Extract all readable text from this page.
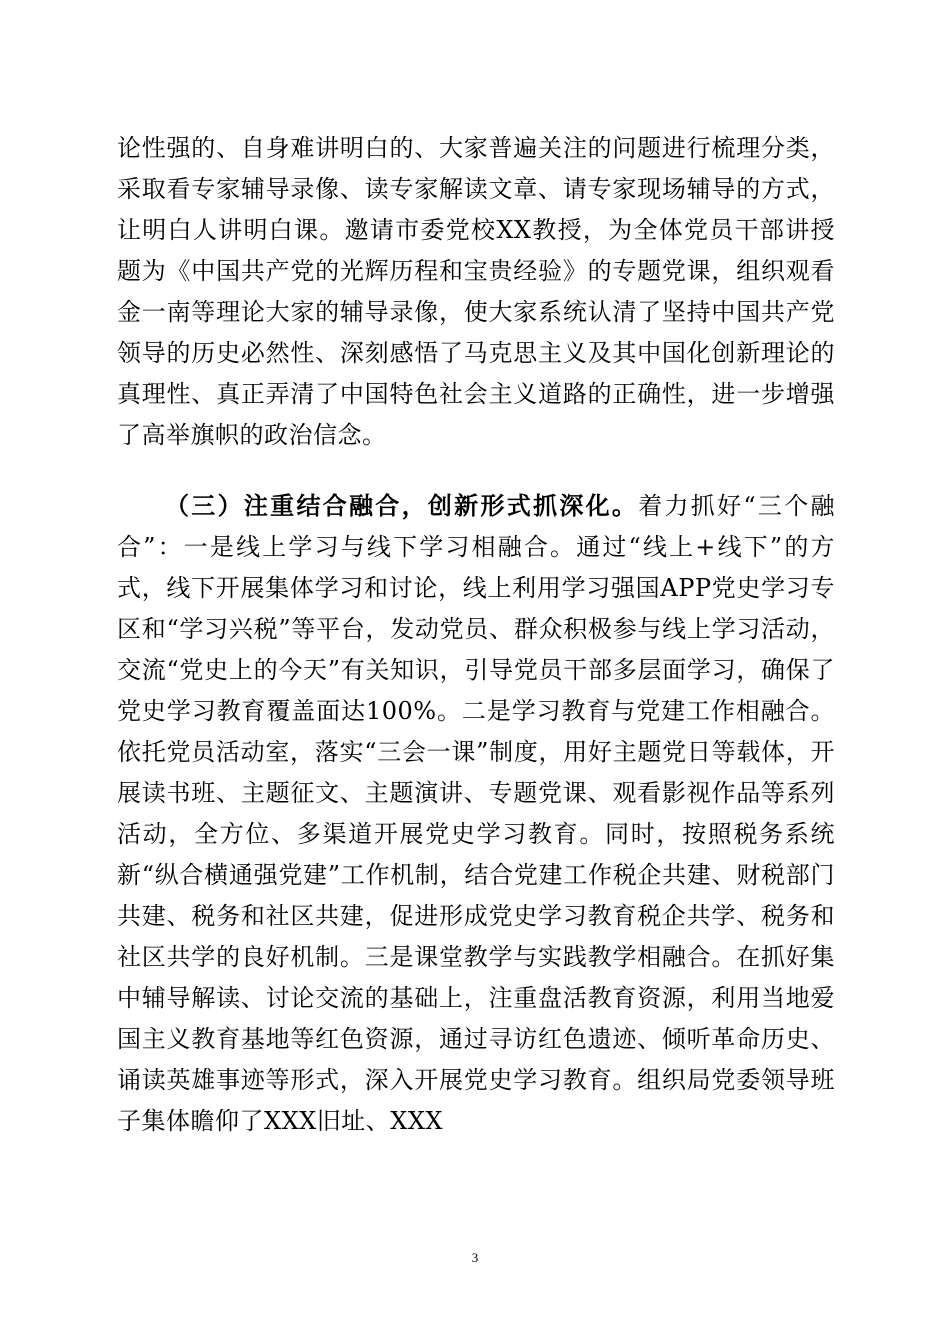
论性强的、自身难讲明白的、大家普遍关注的问题进行梳理分类，采取看专家辅导录像、读专家解读文章、请专家现场辅导的方式，让明白人讲明白课。邀请市委党校XX教授，为全体党员干部讲授题为《中国共产党的光辉历程和宝贵经验》的专题党课，组织观看金一南等理论大家的辅导录像，使大家系统认清了坚持中国共产党领导的历史必然性、深刻感悟了马克思主义及其中国化创新理论的真理性、真正弄清了中国特色社会主义道路的正确性，进一步增强了高举旗帜的政治信念。

（三）注重结合融合，创新形式抓深化。着力抓好“三个融合”：一是线上学习与线下学习相融合。通过“线上+线下”的方式，线下开展集体学习和讨论，线上利用学习强国APP党史学习专区和“学习兴税”等平台，发动党员、群众积极参与线上学习活动，交流“党史上的今天”有关知识，引导党员干部多层面学习，确保了党史学习教育覆盖面达100%。二是学习教育与党建工作相融合。依托党员活动室，落实“三会一课”制度，用好主题党日等载体，开展读书班、主题征文、主题演讲、专题党课、观看影视作品等系列活动，全方位、多渠道开展党史学习教育。同时，按照税务系统新“纵合横通强党建”工作机制，结合党建工作税企共建、财税部门共建、税务和社区共建，促进形成党史学习教育税企共学、税务和社区共学的良好机制。三是课堂教学与实践教学相融合。在抓好集中辅导解读、讨论交流的基础上，注重盘活教育资源，利用当地爱国主义教育基地等红色资源，通过寻访红色遗迹、倾听革命历史、诵读英雄事迹等形式，深入开展党史学习教育。组织局党委领导班子集体瞻仰了XXX旧址、XXX

3
